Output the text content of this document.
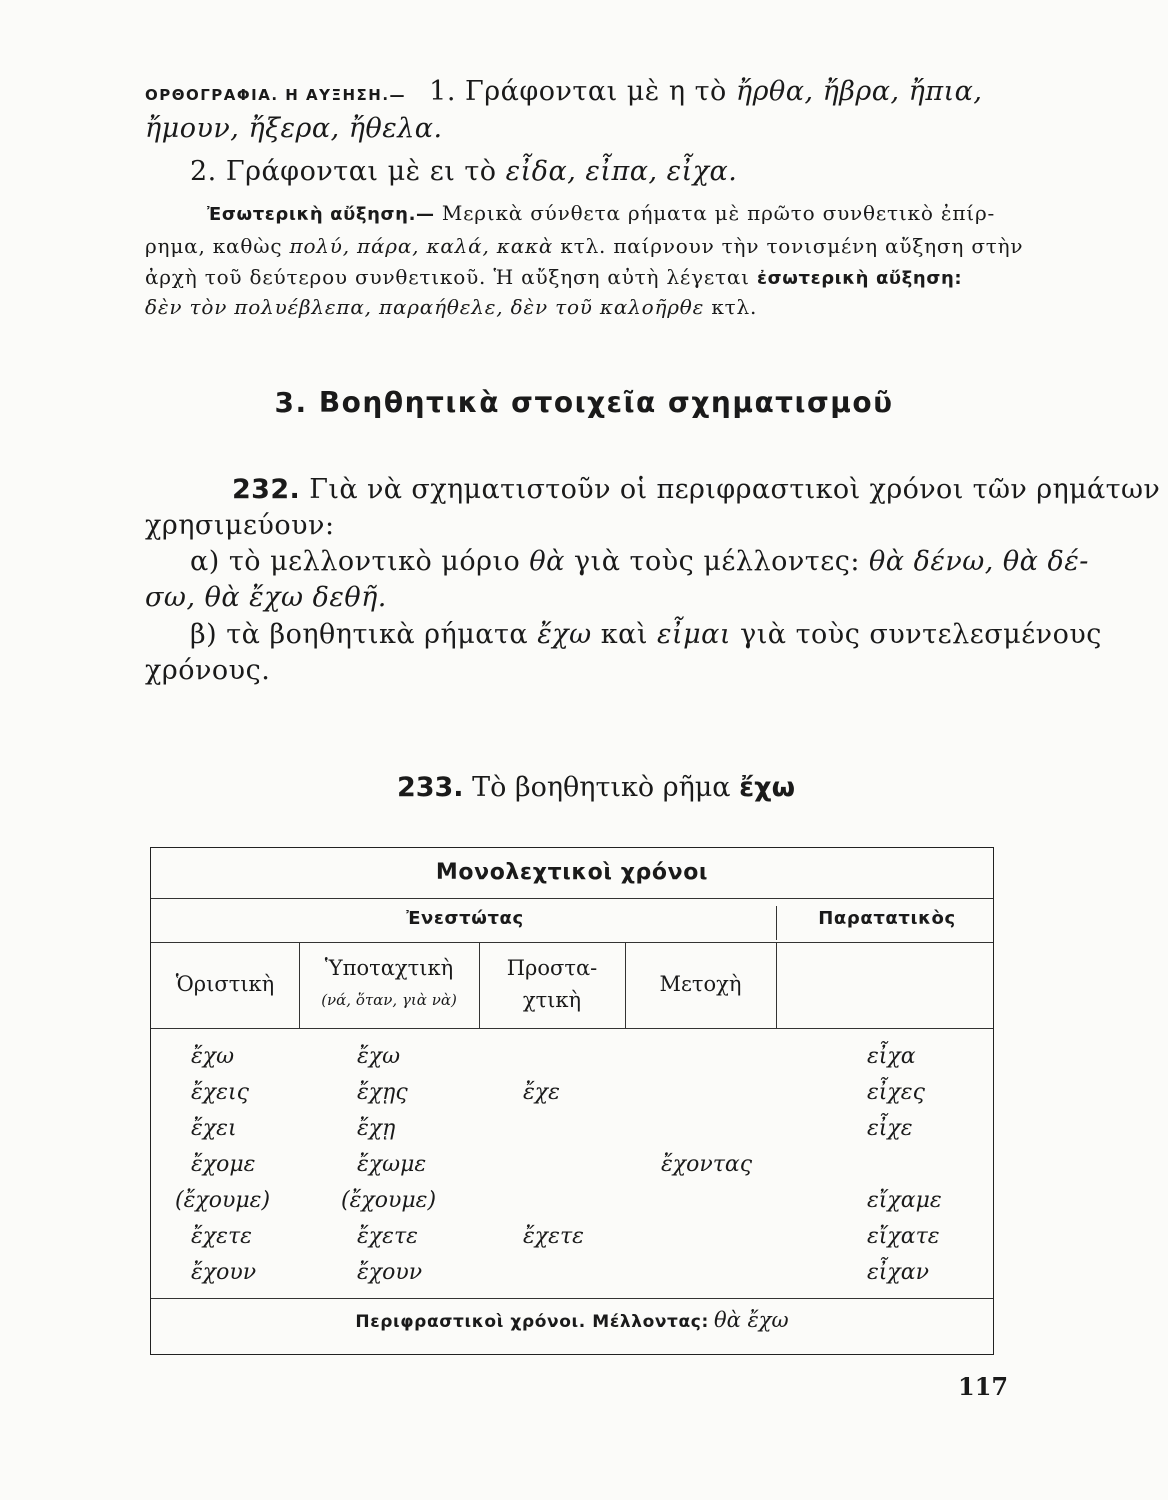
ΟΡΘΟΓΡΑΦΙΑ. Η ΑΥΞΗΣΗ.— 1. Γράφονται μὲ η τὸ ἤρθα, ἤβρα, ἤπια,
ἤμουν, ἤξερα, ἤθελα.
2. Γράφονται μὲ ει τὸ εἶδα, εἶπα, εἶχα.
Ἐσωτερικὴ αὔξηση.— Μερικὰ σύνθετα ρήματα μὲ πρῶτο συνθετικὸ ἐπίρ-
ρημα, καθὼς πολύ, πάρα, καλά, κακὰ κτλ. παίρνουν τὴν τονισμένη αὔξηση στὴν
ἀρχὴ τοῦ δεύτερου συνθετικοῦ. Ἡ αὔξηση αὐτὴ λέγεται ἐσωτερικὴ αὔξηση:
δὲν τὸν πολυέβλεπα, παραήθελε, δὲν τοῦ καλοῆρθε κτλ.
3. Βοηθητικὰ στοιχεῖα σχηματισμοῦ
232. Γιὰ νὰ σχηματιστοῦν οἱ περιφραστικοὶ χρόνοι τῶν ρημάτων
χρησιμεύουν:
α) τὸ μελλοντικὸ μόριο θὰ γιὰ τοὺς μέλλοντες: θὰ δένω, θὰ δέ-
σω, θὰ ἔχω δεθῆ.
β) τὰ βοηθητικὰ ρήματα ἔχω καὶ εἶμαι γιὰ τοὺς συντελεσμένους
χρόνους.
233. Τὸ βοηθητικὸ ρῆμα ἔχω
Μονολεχτικοὶ χρόνοι
Ἐνεστώτας	Παρατατικὸς
Ὁριστικὴ
Ὑποταχτικὴ
(νά, ὅταν, γιὰ νὰ)
Προστα-
χτικὴ
Μετοχὴ
ἔχω
ἔχεις
ἔχει
ἔχομε
(ἔχουμε)
ἔχετε
ἔχουν
ἔχω
ἔχῃς
ἔχῃ
ἔχωμε
(ἔχουμε)
ἔχετε
ἔχουν
ἔχε
ἔχετε
ἔχοντας
εἶχα
εἶχες
εἶχε
εἴχαμε
εἴχατε
εἶχαν
Περιφραστικοὶ χρόνοι. Μέλλοντας: θὰ ἔχω
117
